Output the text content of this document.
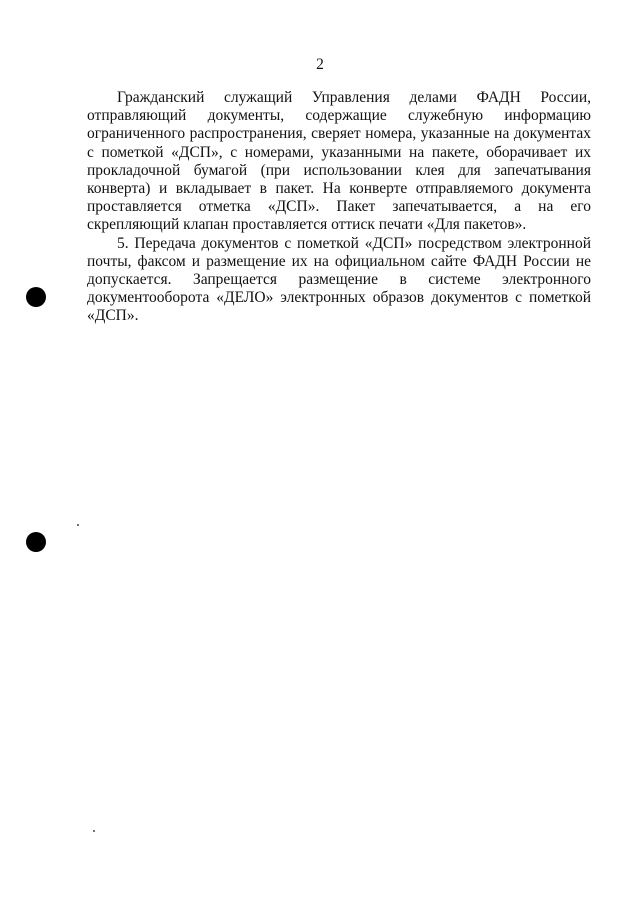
2

Гражданский служащий Управления делами ФАДН России, отправляющий документы, содержащие служебную информацию ограниченного распространения, сверяет номера, указанные на документах с пометкой «ДСП», с номерами, указанными на пакете, оборачивает их прокладочной бумагой (при использовании клея для запечатывания конверта) и вкладывает в пакет. На конверте отправляемого документа проставляется отметка «ДСП». Пакет запечатывается, а на его скрепляющий клапан проставляется оттиск печати «Для пакетов».

5. Передача документов с пометкой «ДСП» посредством электронной почты, факсом и размещение их на официальном сайте ФАДН России не допускается. Запрещается размещение в системе электронного документооборота «ДЕЛО» электронных образов документов с пометкой «ДСП».
